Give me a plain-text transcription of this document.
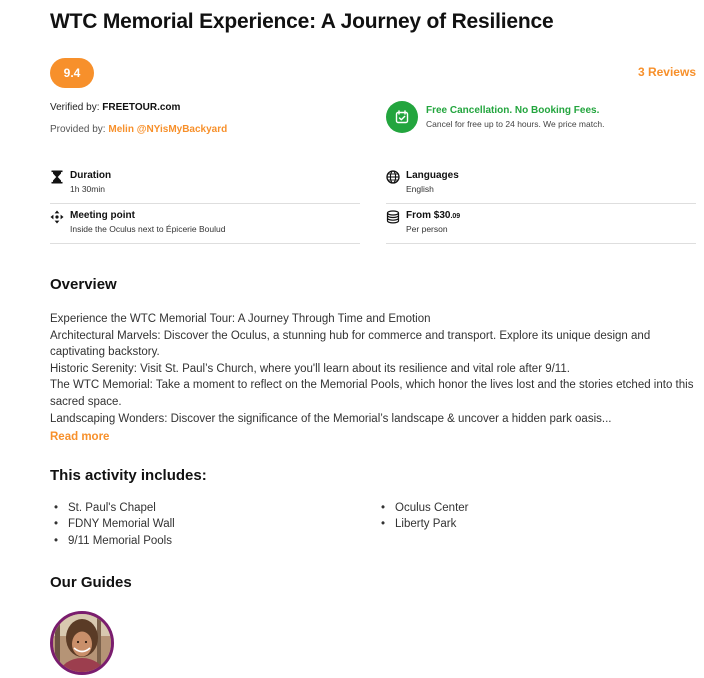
WTC Memorial Experience: A Journey of Resilience
9.4	3 Reviews
Verified by: FREETOUR.com
Provided by: Melin @NYisMyBackyard
Free Cancellation. No Booking Fees.
Cancel for free up to 24 hours. We price match.
Duration
1h 30min
Languages
English
Meeting point
Inside the Oculus next to Épicerie Boulud
From $30.09
Per person
Overview
Experience the WTC Memorial Tour: A Journey Through Time and Emotion
Architectural Marvels: Discover the Oculus, a stunning hub for commerce and transport. Explore its unique design and captivating backstory.
Historic Serenity: Visit St. Paul’s Church, where you'll learn about its resilience and vital role after 9/11.
The WTC Memorial: Take a moment to reflect on the Memorial Pools, which honor the lives lost and the stories etched into this sacred space.
Landscaping Wonders: Discover the significance of the Memorial’s landscape & uncover a hidden park oasis...
Read more
This activity includes:
• St. Paul's Chapel
• FDNY Memorial Wall
• 9/11 Memorial Pools
• Oculus Center
• Liberty Park
Our Guides
